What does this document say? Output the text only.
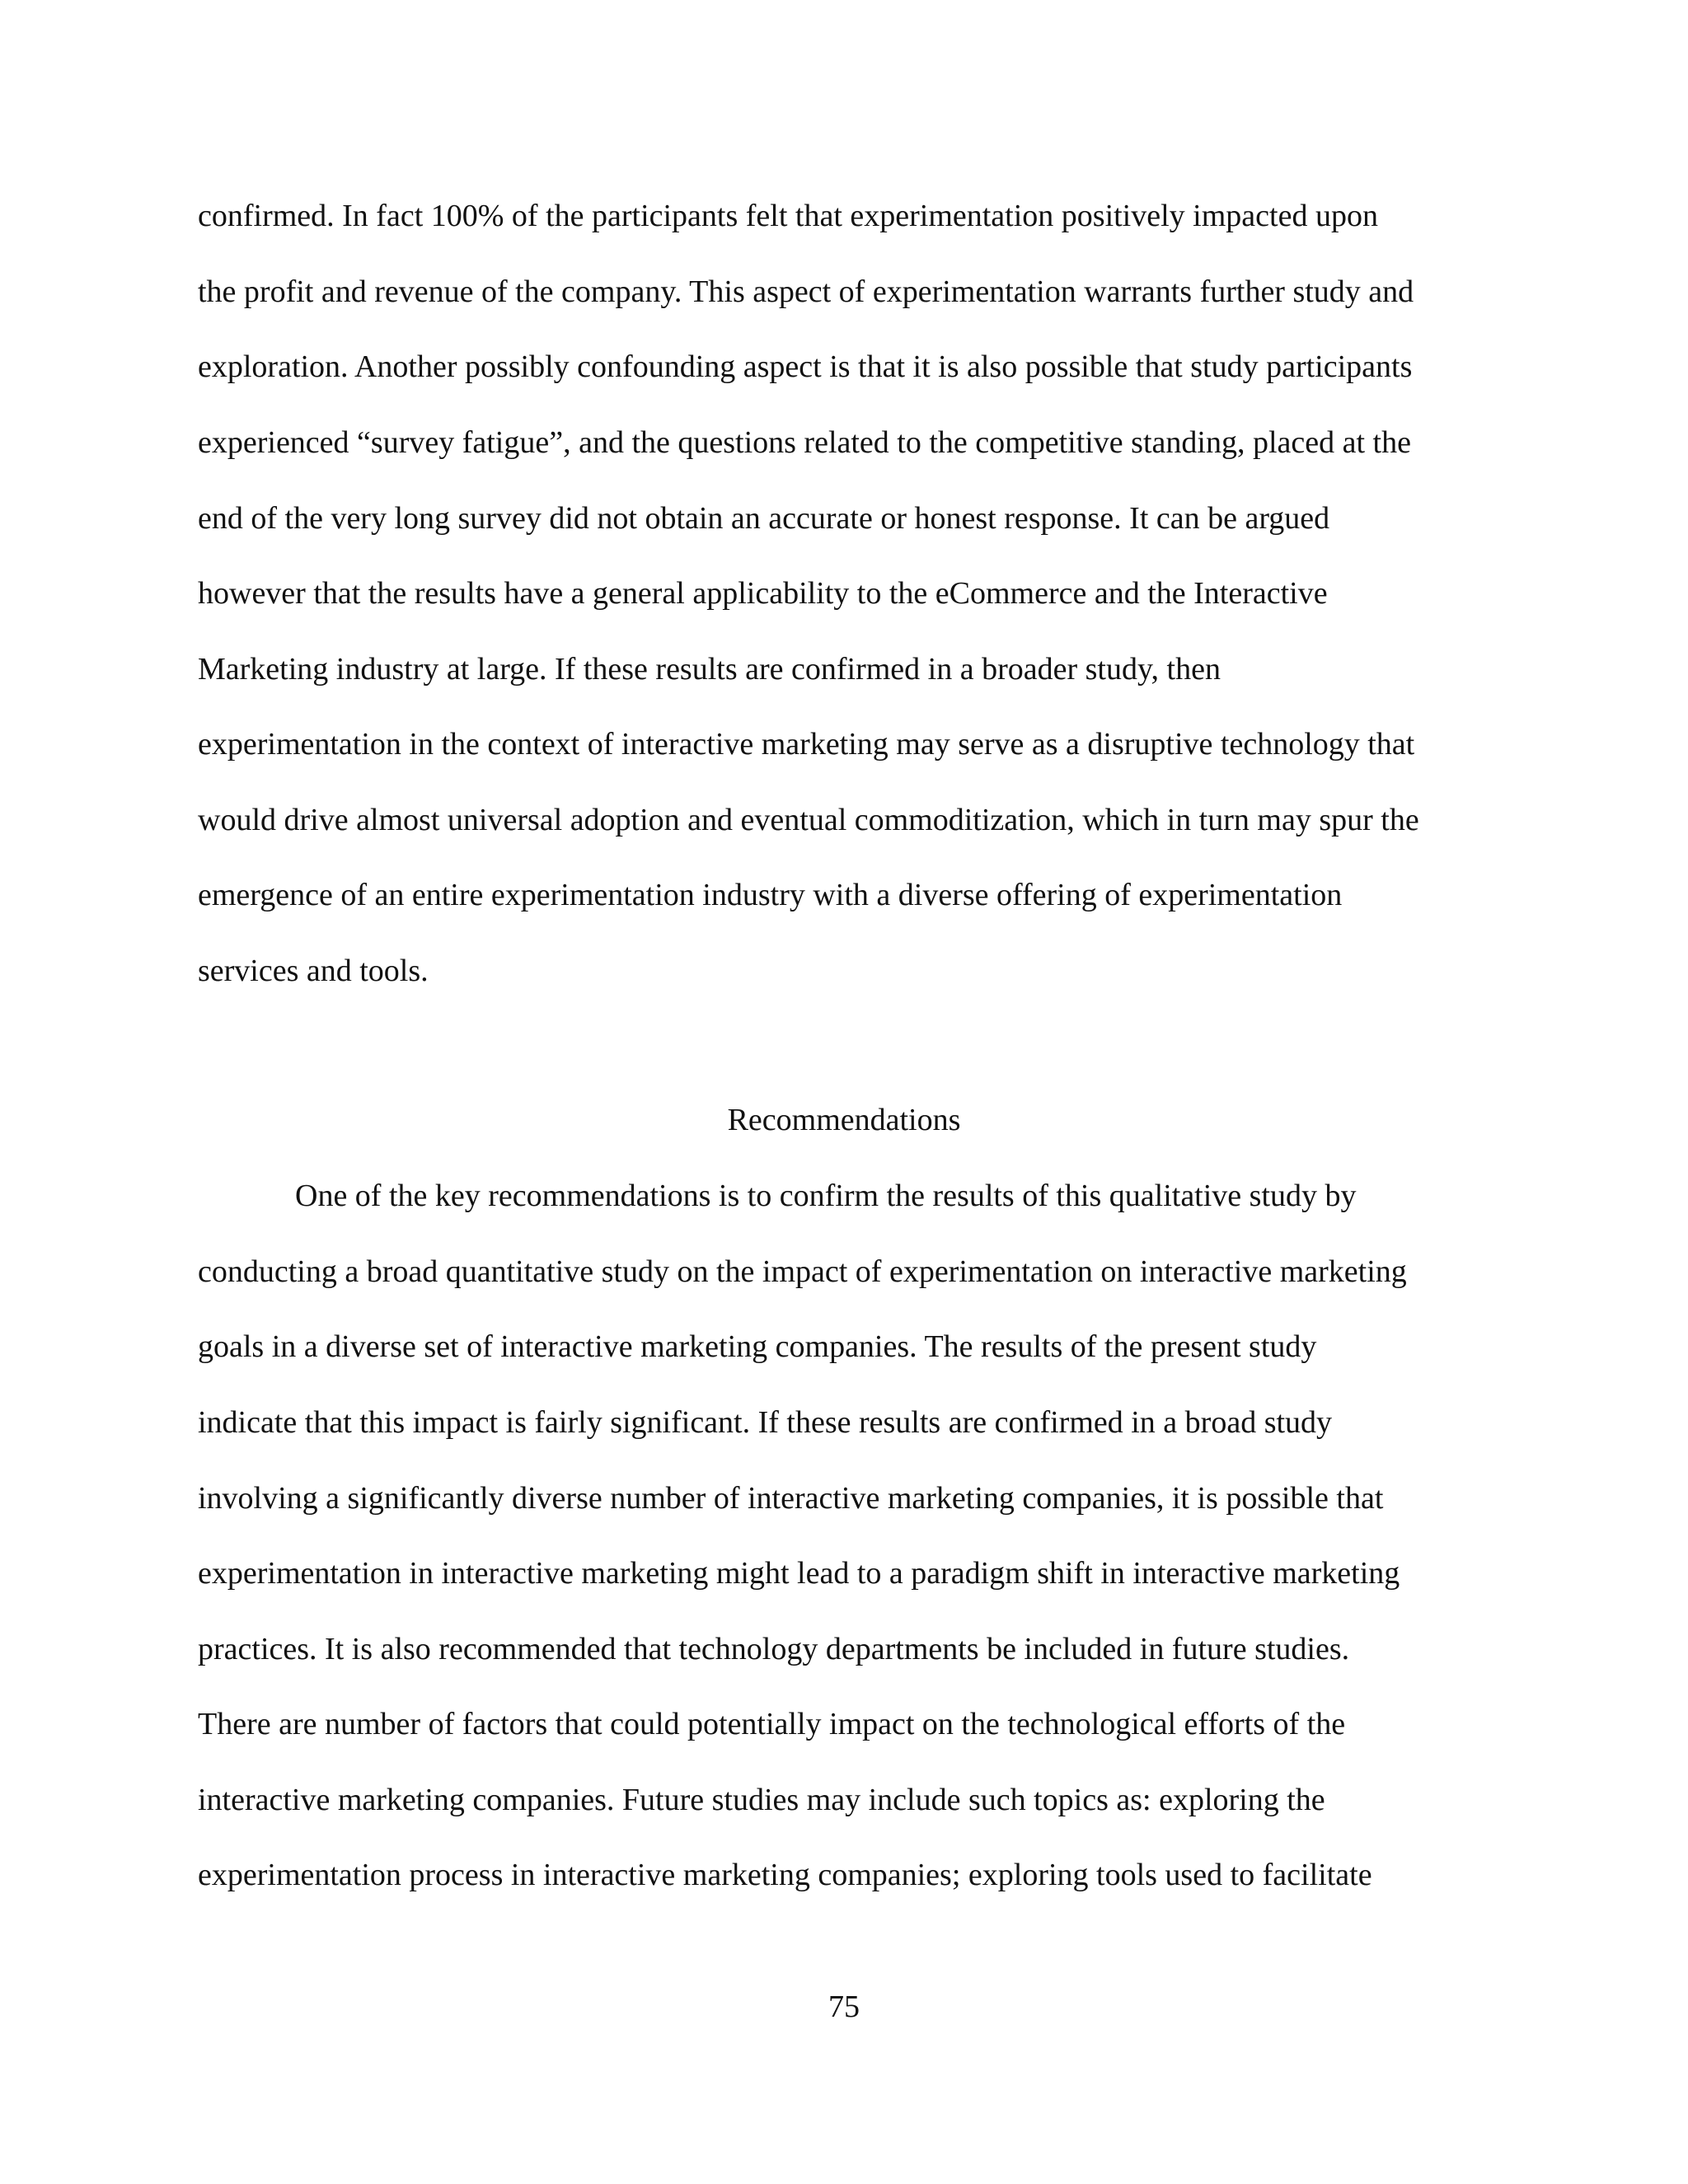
confirmed. In fact 100% of the participants felt that experimentation positively impacted upon
the profit and revenue of the company. This aspect of experimentation warrants further study and
exploration. Another possibly confounding aspect is that it is also possible that study participants
experienced “survey fatigue”, and the questions related to the competitive standing, placed at the
end of the very long survey did not obtain an accurate or honest response. It can be argued
however that the results have a general applicability to the eCommerce and the Interactive
Marketing industry at large. If these results are confirmed in a broader study, then
experimentation in the context of interactive marketing may serve as a disruptive technology that
would drive almost universal adoption and eventual commoditization, which in turn may spur the
emergence of an entire experimentation industry with a diverse offering of experimentation
services and tools.
Recommendations
One of the key recommendations is to confirm the results of this qualitative study by
conducting a broad quantitative study on the impact of experimentation on interactive marketing
goals in a diverse set of interactive marketing companies. The results of the present study
indicate that this impact is fairly significant. If these results are confirmed in a broad study
involving a significantly diverse number of interactive marketing companies, it is possible that
experimentation in interactive marketing might lead to a paradigm shift in interactive marketing
practices. It is also recommended that technology departments be included in future studies.
There are number of factors that could potentially impact on the technological efforts of the
interactive marketing companies. Future studies may include such topics as: exploring the
experimentation process in interactive marketing companies; exploring tools used to facilitate
75
